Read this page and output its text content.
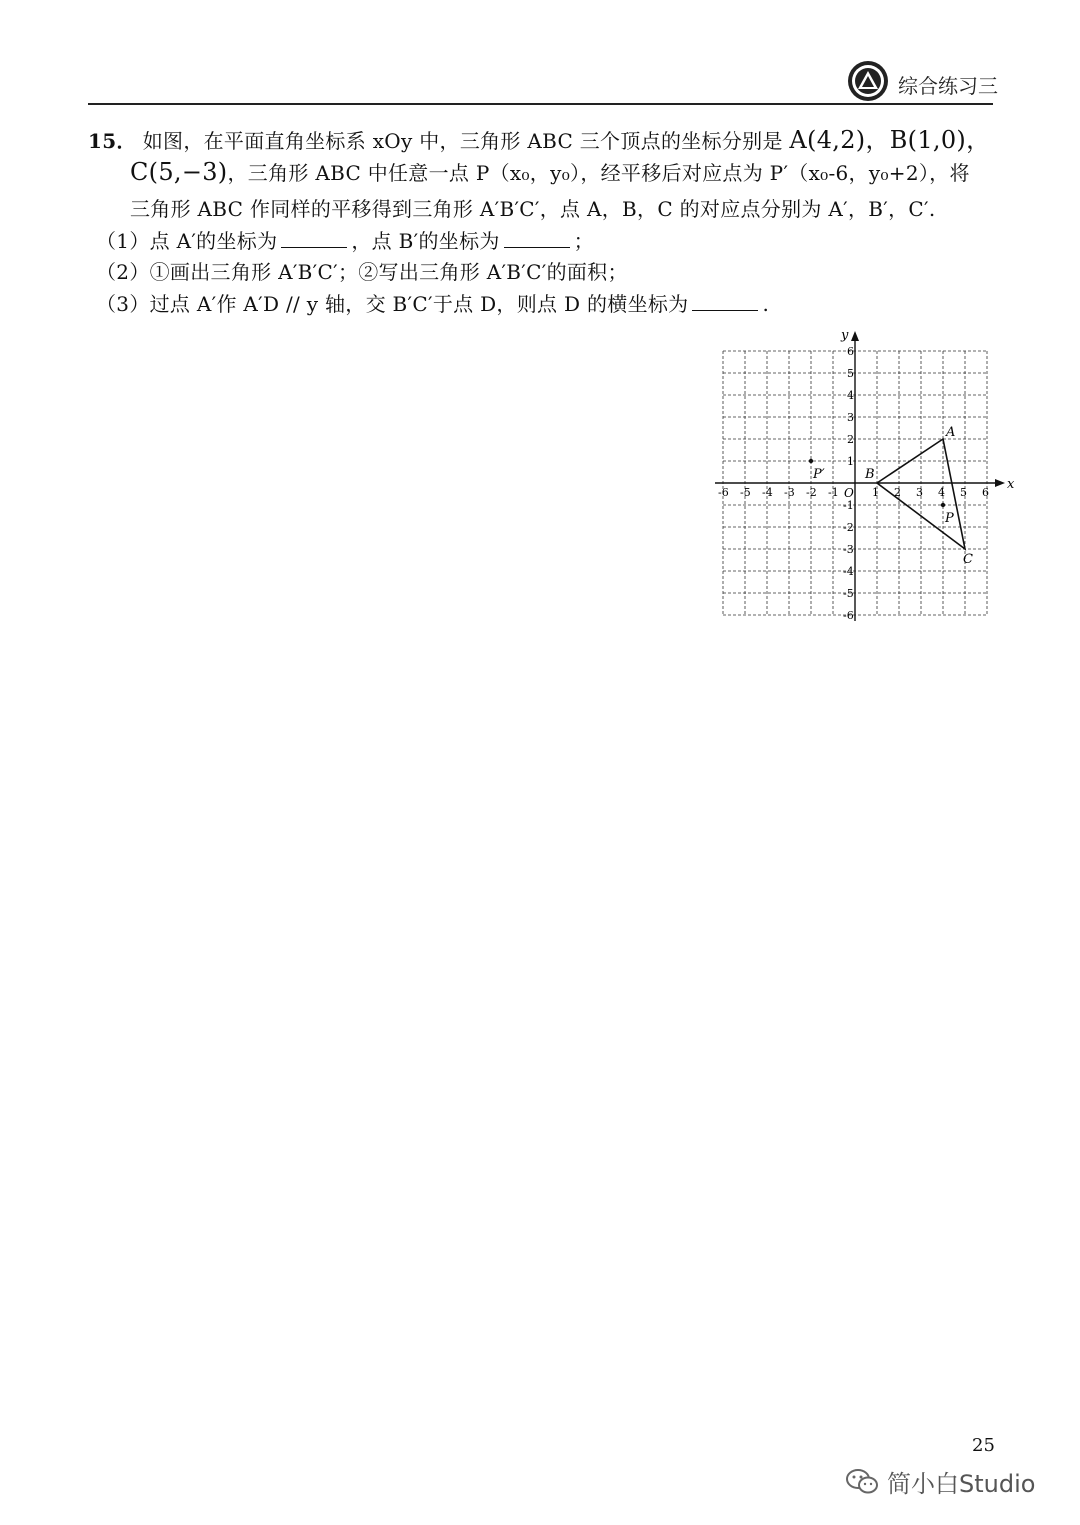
综合练习三
15． 如图，在平面直角坐标系 xOy 中，三角形 ABC 三个顶点的坐标分别是 A(4,2)，B(1,0)，
C(5,−3)，三角形 ABC 中任意一点 P（x₀，y₀），经平移后对应点为 P′（x₀-6，y₀+2），将
三角形 ABC 作同样的平移得到三角形 A′B′C′，点 A，B，C 的对应点分别为 A′，B′，C′.
（1）点 A′的坐标为	，点 B′的坐标为	；
（2）①画出三角形 A′B′C′；②写出三角形 A′B′C′的面积；
（3）过点 A′作 A′D // y 轴，交 B′C′于点 D，则点 D 的横坐标为	.
x
y
O
-6 -5 -4 -3 -2 -1	1 2 3 4 5 6
6
5
4
3
2
1
-1
-2
-3
-4
-5
-6
A
B
C
P
P′
25
简小白Studio
